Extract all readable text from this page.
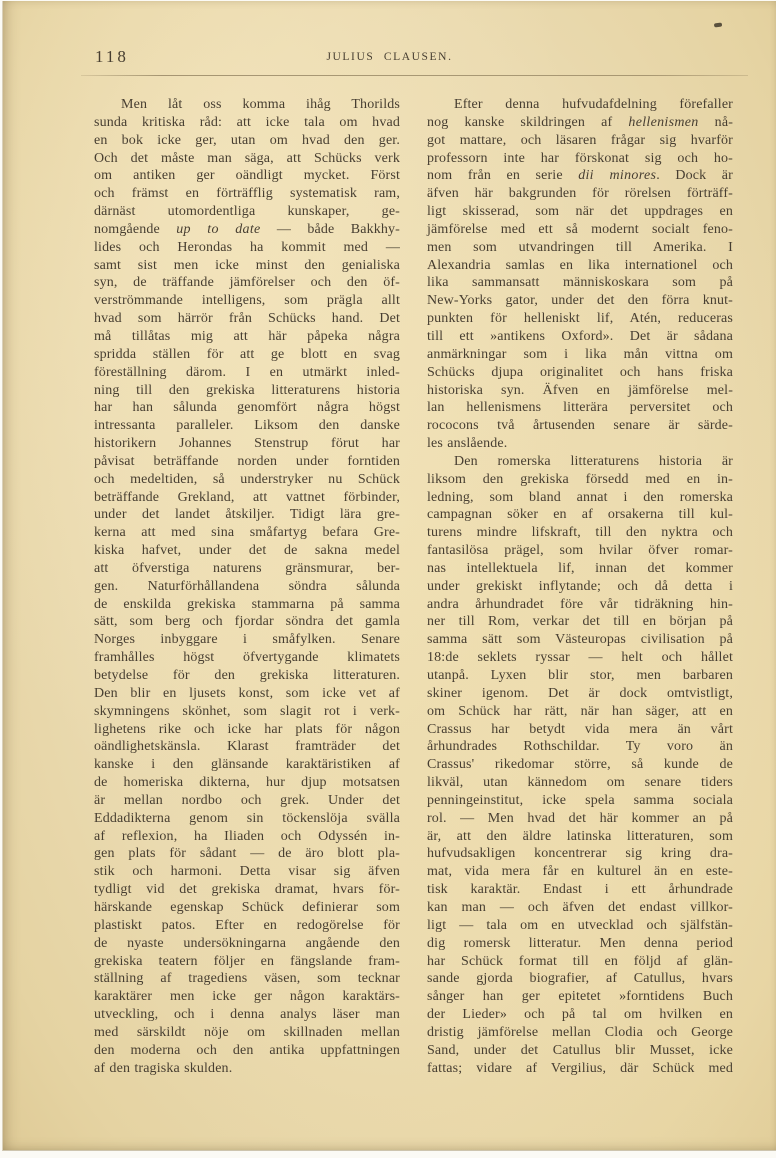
118	JULIUS CLAUSEN.
Men låt oss komma ihåg Thorilds
sunda kritiska råd: att icke tala om hvad
en bok icke ger, utan om hvad den ger.
Och det måste man säga, att Schücks verk
om antiken ger oändligt mycket. Först
och främst en förträfflig systematisk ram,
därnäst utomordentliga kunskaper, ge-
nomgående up to date — både Bakkhy-
lides och Herondas ha kommit med —
samt sist men icke minst den genialiska
syn, de träffande jämförelser och den öf-
verströmmande intelligens, som prägla allt
hvad som härrör från Schücks hand. Det
må tillåtas mig att här påpeka några
spridda ställen för att ge blott en svag
föreställning därom. I en utmärkt inled-
ning till den grekiska litteraturens historia
har han sålunda genomfört några högst
intressanta paralleler. Liksom den danske
historikern Johannes Stenstrup förut har
påvisat beträffande norden under forntiden
och medeltiden, så understryker nu Schück
beträffande Grekland, att vattnet förbinder,
under det landet åtskiljer. Tidigt lära gre-
kerna att med sina småfartyg befara Gre-
kiska hafvet, under det de sakna medel
att öfverstiga naturens gränsmurar, ber-
gen. Naturförhållandena söndra sålunda
de enskilda grekiska stammarna på samma
sätt, som berg och fjordar söndra det gamla
Norges inbyggare i småfylken. Senare
framhålles högst öfvertygande klimatets
betydelse för den grekiska litteraturen.
Den blir en ljusets konst, som icke vet af
skymningens skönhet, som slagit rot i verk-
lighetens rike och icke har plats för någon
oändlighetskänsla. Klarast framträder det
kanske i den glänsande karaktäristiken af
de homeriska dikterna, hur djup motsatsen
är mellan nordbo och grek. Under det
Eddadikterna genom sin töckenslöja svälla
af reflexion, ha Iliaden och Odyssén in-
gen plats för sådant — de äro blott pla-
stik och harmoni. Detta visar sig äfven
tydligt vid det grekiska dramat, hvars för-
härskande egenskap Schück definierar som
plastiskt patos. Efter en redogörelse för
de nyaste undersökningarna angående den
grekiska teatern följer en fängslande fram-
ställning af tragediens väsen, som tecknar
karaktärer men icke ger någon karaktärs-
utveckling, och i denna analys läser man
med särskildt nöje om skillnaden mellan
den moderna och den antika uppfattningen
af den tragiska skulden.
Efter denna hufvudafdelning förefaller
nog kanske skildringen af hellenismen nå-
got mattare, och läsaren frågar sig hvarför
professorn inte har förskonat sig och ho-
nom från en serie dii minores. Dock är
äfven här bakgrunden för rörelsen förträff-
ligt skisserad, som när det uppdrages en
jämförelse med ett så modernt socialt feno-
men som utvandringen till Amerika. I
Alexandria samlas en lika internationel och
lika sammansatt människoskara som på
New-Yorks gator, under det den förra knut-
punkten för helleniskt lif, Atén, reduceras
till ett »antikens Oxford». Det är sådana
anmärkningar som i lika mån vittna om
Schücks djupa originalitet och hans friska
historiska syn. Äfven en jämförelse mel-
lan hellenismens litterära perversitet och
rococons två årtusenden senare är särde-
les anslående.
Den romerska litteraturens historia är
liksom den grekiska försedd med en in-
ledning, som bland annat i den romerska
campagnan söker en af orsakerna till kul-
turens mindre lifskraft, till den nyktra och
fantasilösa prägel, som hvilar öfver romar-
nas intellektuela lif, innan det kommer
under grekiskt inflytande; och då detta i
andra århundradet före vår tidräkning hin-
ner till Rom, verkar det till en början på
samma sätt som Västeuropas civilisation på
18:de seklets ryssar — helt och hållet
utanpå. Lyxen blir stor, men barbaren
skiner igenom. Det är dock omtvistligt,
om Schück har rätt, när han säger, att en
Crassus har betydt vida mera än vårt
århundrades Rothschildar. Ty voro än
Crassus' rikedomar större, så kunde de
likväl, utan kännedom om senare tiders
penningeinstitut, icke spela samma sociala
rol. — Men hvad det här kommer an på
är, att den äldre latinska litteraturen, som
hufvudsakligen koncentrerar sig kring dra-
mat, vida mera får en kulturel än en este-
tisk karaktär. Endast i ett århundrade
kan man — och äfven det endast villkor-
ligt — tala om en utvecklad och själfstän-
dig romersk litteratur. Men denna period
har Schück format till en följd af glän-
sande gjorda biografier, af Catullus, hvars
sånger han ger epitetet »forntidens Buch
der Lieder» och på tal om hvilken en
dristig jämförelse mellan Clodia och George
Sand, under det Catullus blir Musset, icke
fattas; vidare af Vergilius, där Schück med
